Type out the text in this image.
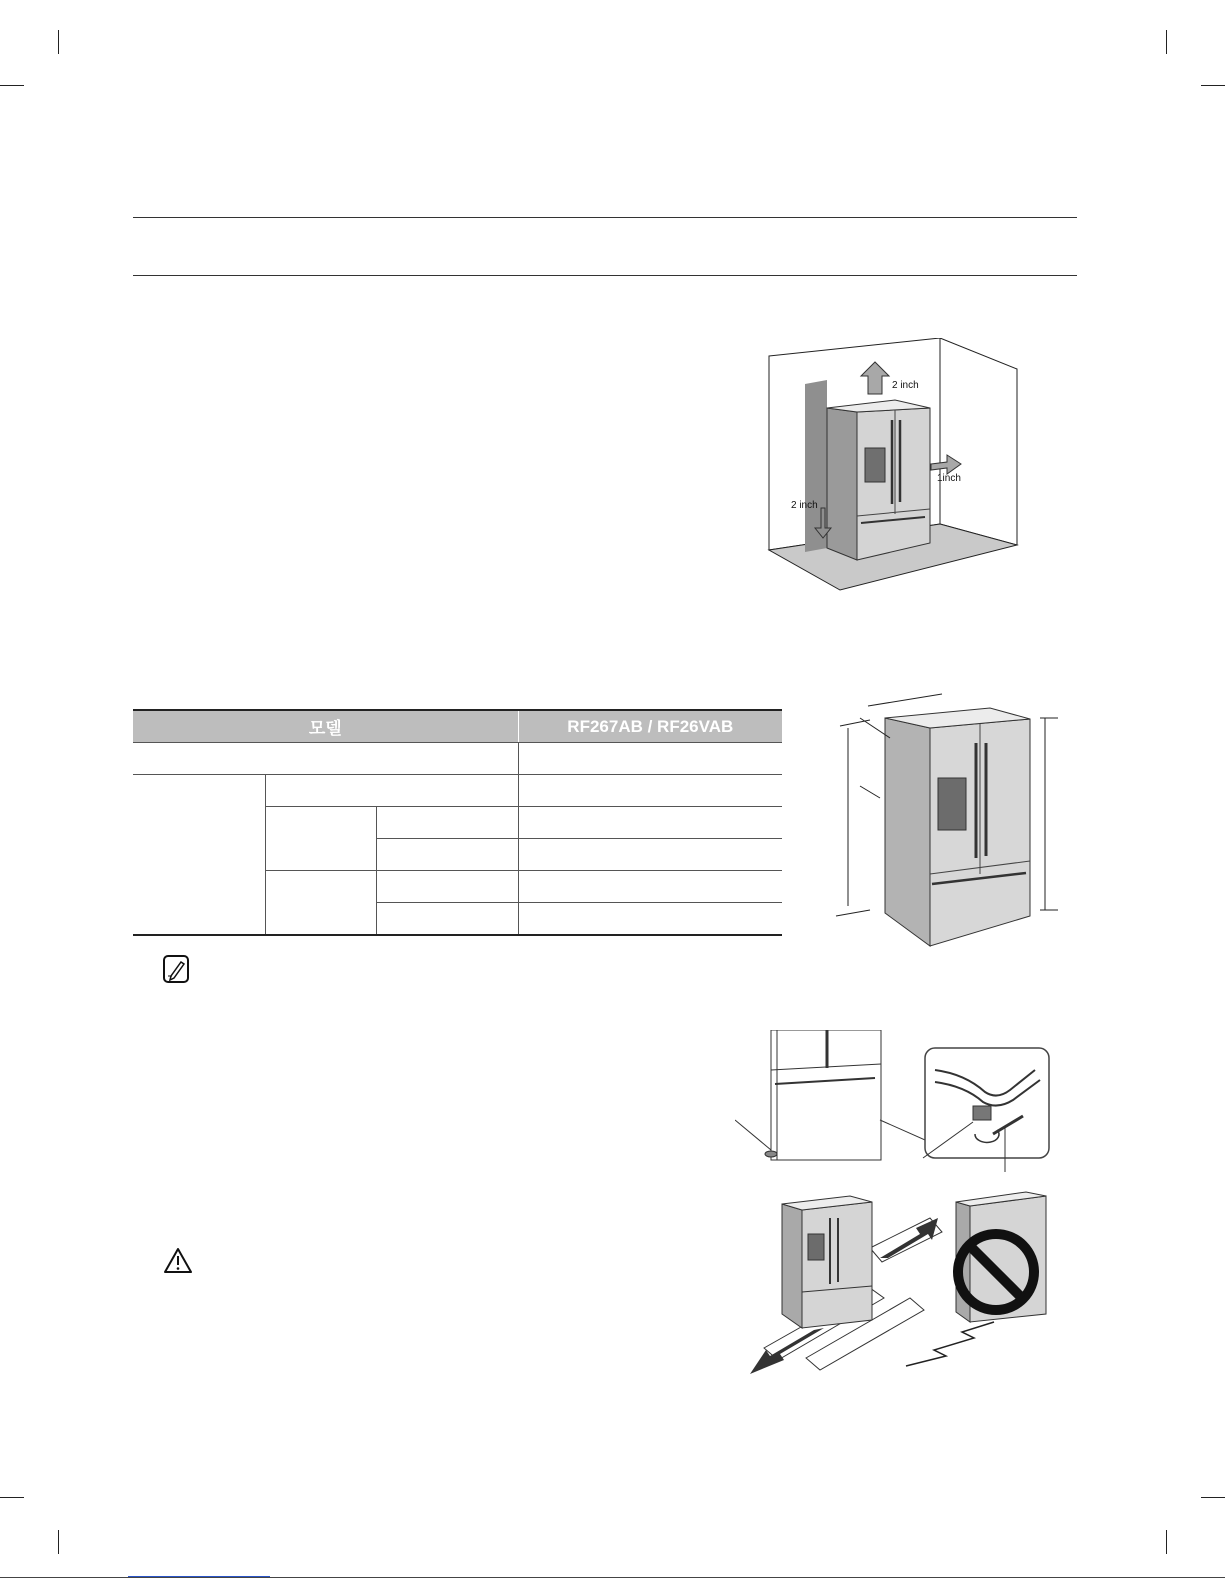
2 inch
1inch
2 inch
모델			RF267AB / RF26VAB
